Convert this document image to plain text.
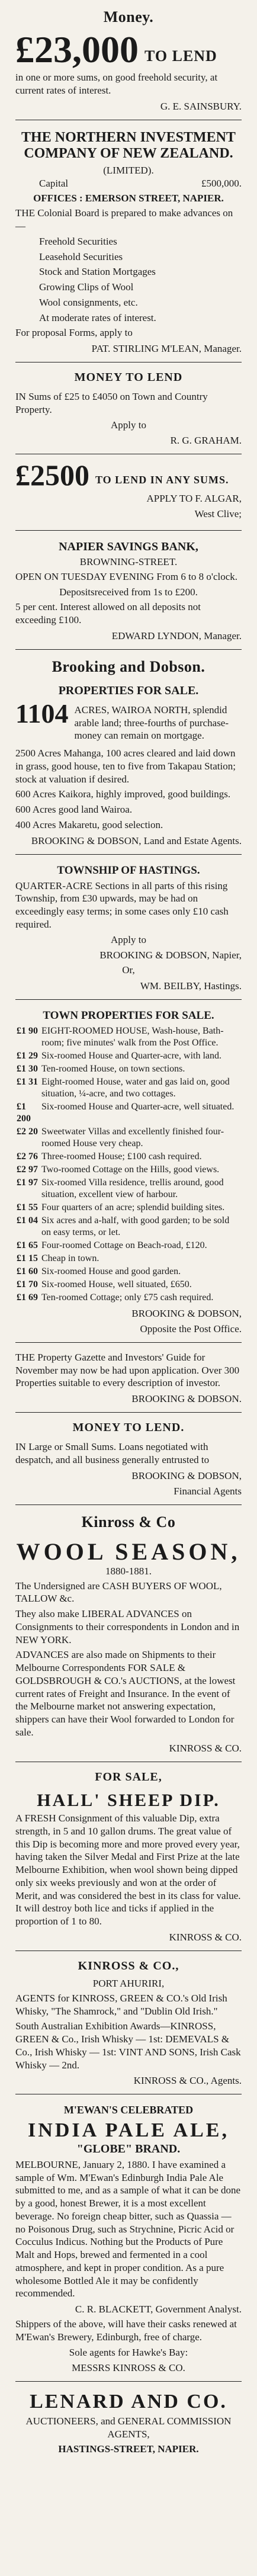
Money.
£23,000 TO LEND

in one or more sums, on good freehold security, at current rates of interest.

G. E. SAINSBURY.
THE NORTHERN INVESTMENT COMPANY OF NEW ZEALAND.
(LIMITED).
Capital	£500,000.

OFFICES : EMERSON STREET, NAPIER.

THE Colonial Board is prepared to make advances on—

Freehold Securities

Leasehold Securities

Stock and Station Mortgages

Growing Clips of Wool

Wool consignments, etc.

At moderate rates of interest.

For proposal Forms, apply to

PAT. STIRLING M'LEAN, Manager.
MONEY TO LEND

IN Sums of £25 to £4050 on Town and Country Property.

Apply to

R. G. GRAHAM.
£2500 TO LEND IN ANY SUMS.

APPLY TO F. ALGAR,

West Clive;

NAPIER SAVINGS BANK,
BROWNING-STREET.

OPEN ON TUESDAY EVENING From 6 to 8 o'clock.

Depositsreceived from 1s to £200.

5 per cent. Interest allowed on all deposits not exceeding £100.

EDWARD LYNDON, Manager.
Brooking and Dobson.
PROPERTIES FOR SALE.
1104 ACRES, WAIROA NORTH, splendid arable land; three-fourths of purchase-money can remain on mortgage.

2500 Acres Mahanga, 100 acres cleared and laid down in grass, good house, ten to five from Takapau Station; stock at valuation if desired.

600 Acres Kaikora, highly improved, good buildings.

600 Acres good land Wairoa.

400 Acres Makaretu, good selection.

BROOKING & DOBSON, Land and Estate Agents.
TOWNSHIP OF HASTINGS.

QUARTER-ACRE Sections in all parts of this rising Township, from £30 upwards, may be had on exceedingly easy terms; in some cases only £10 cash required.

Apply to

BROOKING & DOBSON, Napier,

Or,

WM. BEILBY, Hastings.
TOWN PROPERTIES FOR SALE.
£1 90	EIGHT-ROOMED HOUSE, Wash-house, Bath-room; five minutes' walk from the Post Office.
£1 29	Six-roomed House and Quarter-acre, with land.
£1 30	Ten-roomed House, on town sections.
£1 31	Eight-roomed House, water and gas laid on, good situation, ¼-acre, and two cottages.
£1 200	Six-roomed House and Quarter-acre, well situated.
£2 20	Sweetwater Villas and excellently finished four-roomed House very cheap.
£2 76	Three-roomed House; £100 cash required.
£2 97	Two-roomed Cottage on the Hills, good views.
£1 97	Six-roomed Villa residence, trellis around, good situation, excellent view of harbour.
£1 55	Four quarters of an acre; splendid building sites.
£1 04	Six acres and a-half, with good garden; to be sold on easy terms, or let.
£1 65	Four-roomed Cottage on Beach-road, £120.
£1 15	Cheap in town.
£1 60	Six-roomed House and good garden.
£1 70	Six-roomed House, well situated, £650.
£1 69	Ten-roomed Cottage; only £75 cash required.
BROOKING & DOBSON,
Opposite the Post Office.

THE Property Gazette and Investors' Guide for November may now be had upon application. Over 300 Properties suitable to every description of investor.

BROOKING & DOBSON.
MONEY TO LEND.

IN Large or Small Sums. Loans negotiated with despatch, and all business generally entrusted to

BROOKING & DOBSON,
Financial Agents
Kinross & Co
WOOL SEASON,
1880-1881.

The Undersigned are CASH BUYERS OF WOOL, TALLOW &c.

They also make LIBERAL ADVANCES on Consignments to their correspondents in London and in NEW YORK.

ADVANCES are also made on Shipments to their Melbourne Correspondents FOR SALE & GOLDSBROUGH & CO.'s AUCTIONS, at the lowest current rates of Freight and Insurance. In the event of the Melbourne market not answering expectation, shippers can have their Wool forwarded to London for sale.

KINROSS & CO.
FOR SALE,
HALL' SHEEP DIP.

A FRESH Consignment of this valuable Dip, extra strength, in 5 and 10 gallon drums. The great value of this Dip is becoming more and more proved every year, having taken the Silver Medal and First Prize at the late Melbourne Exhibition, when wool shown being dipped only six weeks previously and won at the order of Merit, and was considered the best in its class for value. It will destroy both lice and ticks if applied in the proportion of 1 to 80.

KINROSS & CO.
KINROSS & CO.,
PORT AHURIRI,

AGENTS for KINROSS, GREEN & CO.'s Old Irish Whisky, "The Shamrock," and "Dublin Old Irish."

South Australian Exhibition Awards—KINROSS, GREEN & Co., Irish Whisky — 1st: DEMEVALS & Co., Irish Whisky — 1st: VINT AND SONS, Irish Cask Whisky — 2nd.

KINROSS & CO., Agents.
M'EWAN'S CELEBRATED
INDIA PALE ALE,
"GLOBE" BRAND.

MELBOURNE, January 2, 1880. I have examined a sample of Wm. M'Ewan's Edinburgh India Pale Ale submitted to me, and as a sample of what it can be done by a good, honest Brewer, it is a most excellent beverage. No foreign cheap bitter, such as Quassia — no Poisonous Drug, such as Strychnine, Picric Acid or Cocculus Indicus. Nothing but the Products of Pure Malt and Hops, brewed and fermented in a cool atmosphere, and kept in proper condition. As a pure wholesome Bottled Ale it may be confidently recommended.

C. R. BLACKETT, Government Analyst.

Shippers of the above, will have their casks renewed at M'Ewan's Brewery, Edinburgh, free of charge.

Sole agents for Hawke's Bay:

MESSRS KINROSS & CO.
LENARD AND CO.

AUCTIONEERS, and GENERAL COMMISSION AGENTS,

HASTINGS-STREET, NAPIER.
